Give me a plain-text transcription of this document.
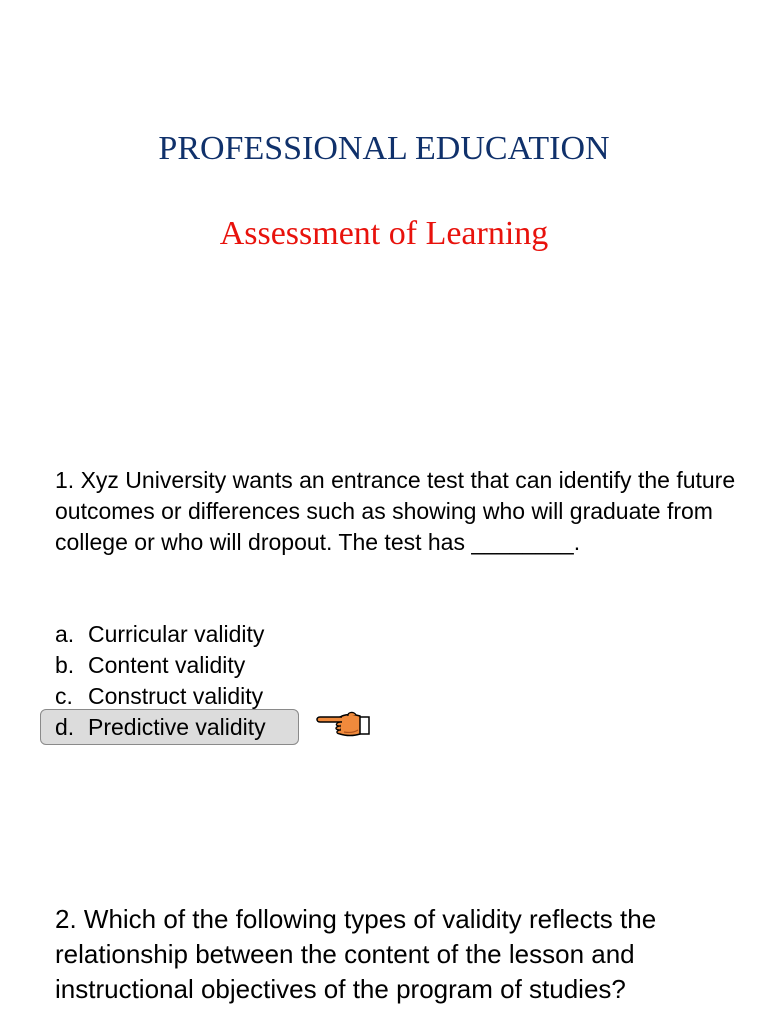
PROFESSIONAL EDUCATION
Assessment of Learning

1. Xyz University wants an entrance test that can identify the future outcomes or differences such as showing who will graduate from college or who will dropout. The test has ________.

a. Curricular validity
b. Content validity
c. Construct validity
d. Predictive validity

2. Which of the following types of validity reflects the relationship between the content of the lesson and instructional objectives of the program of studies?
